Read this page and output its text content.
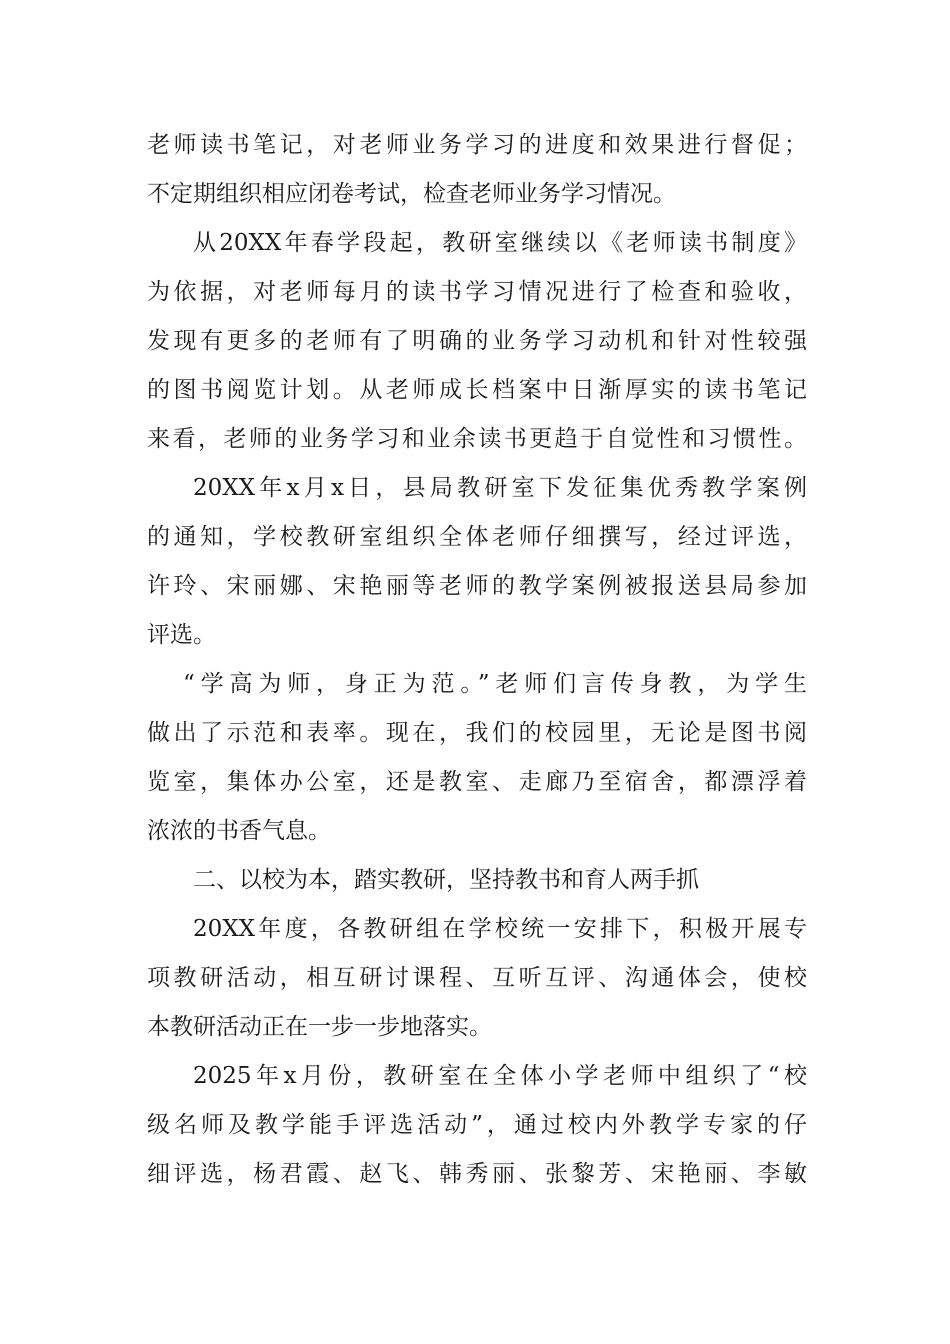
老师读书笔记，对老师业务学习的进度和效果进行督促；
不定期组织相应闭卷考试，检查老师业务学习情况。
从20XX年春学段起，教研室继续以《老师读书制度》
为依据，对老师每月的读书学习情况进行了检查和验收，
发现有更多的老师有了明确的业务学习动机和针对性较强
的图书阅览计划。从老师成长档案中日渐厚实的读书笔记
来看，老师的业务学习和业余读书更趋于自觉性和习惯性。
20XX年x月x日，县局教研室下发征集优秀教学案例
的通知，学校教研室组织全体老师仔细撰写，经过评选，
许玲、宋丽娜、宋艳丽等老师的教学案例被报送县局参加
评选。
“学高为师，身正为范。”老师们言传身教，为学生
做出了示范和表率。现在，我们的校园里，无论是图书阅
览室，集体办公室，还是教室、走廊乃至宿舍，都漂浮着
浓浓的书香气息。
二、以校为本，踏实教研，坚持教书和育人两手抓
20XX年度，各教研组在学校统一安排下，积极开展专
项教研活动，相互研讨课程、互听互评、沟通体会，使校
本教研活动正在一步一步地落实。
2025年x月份，教研室在全体小学老师中组织了“校
级名师及教学能手评选活动”，通过校内外教学专家的仔
细评选，杨君霞、赵飞、韩秀丽、张黎芳、宋艳丽、李敏
